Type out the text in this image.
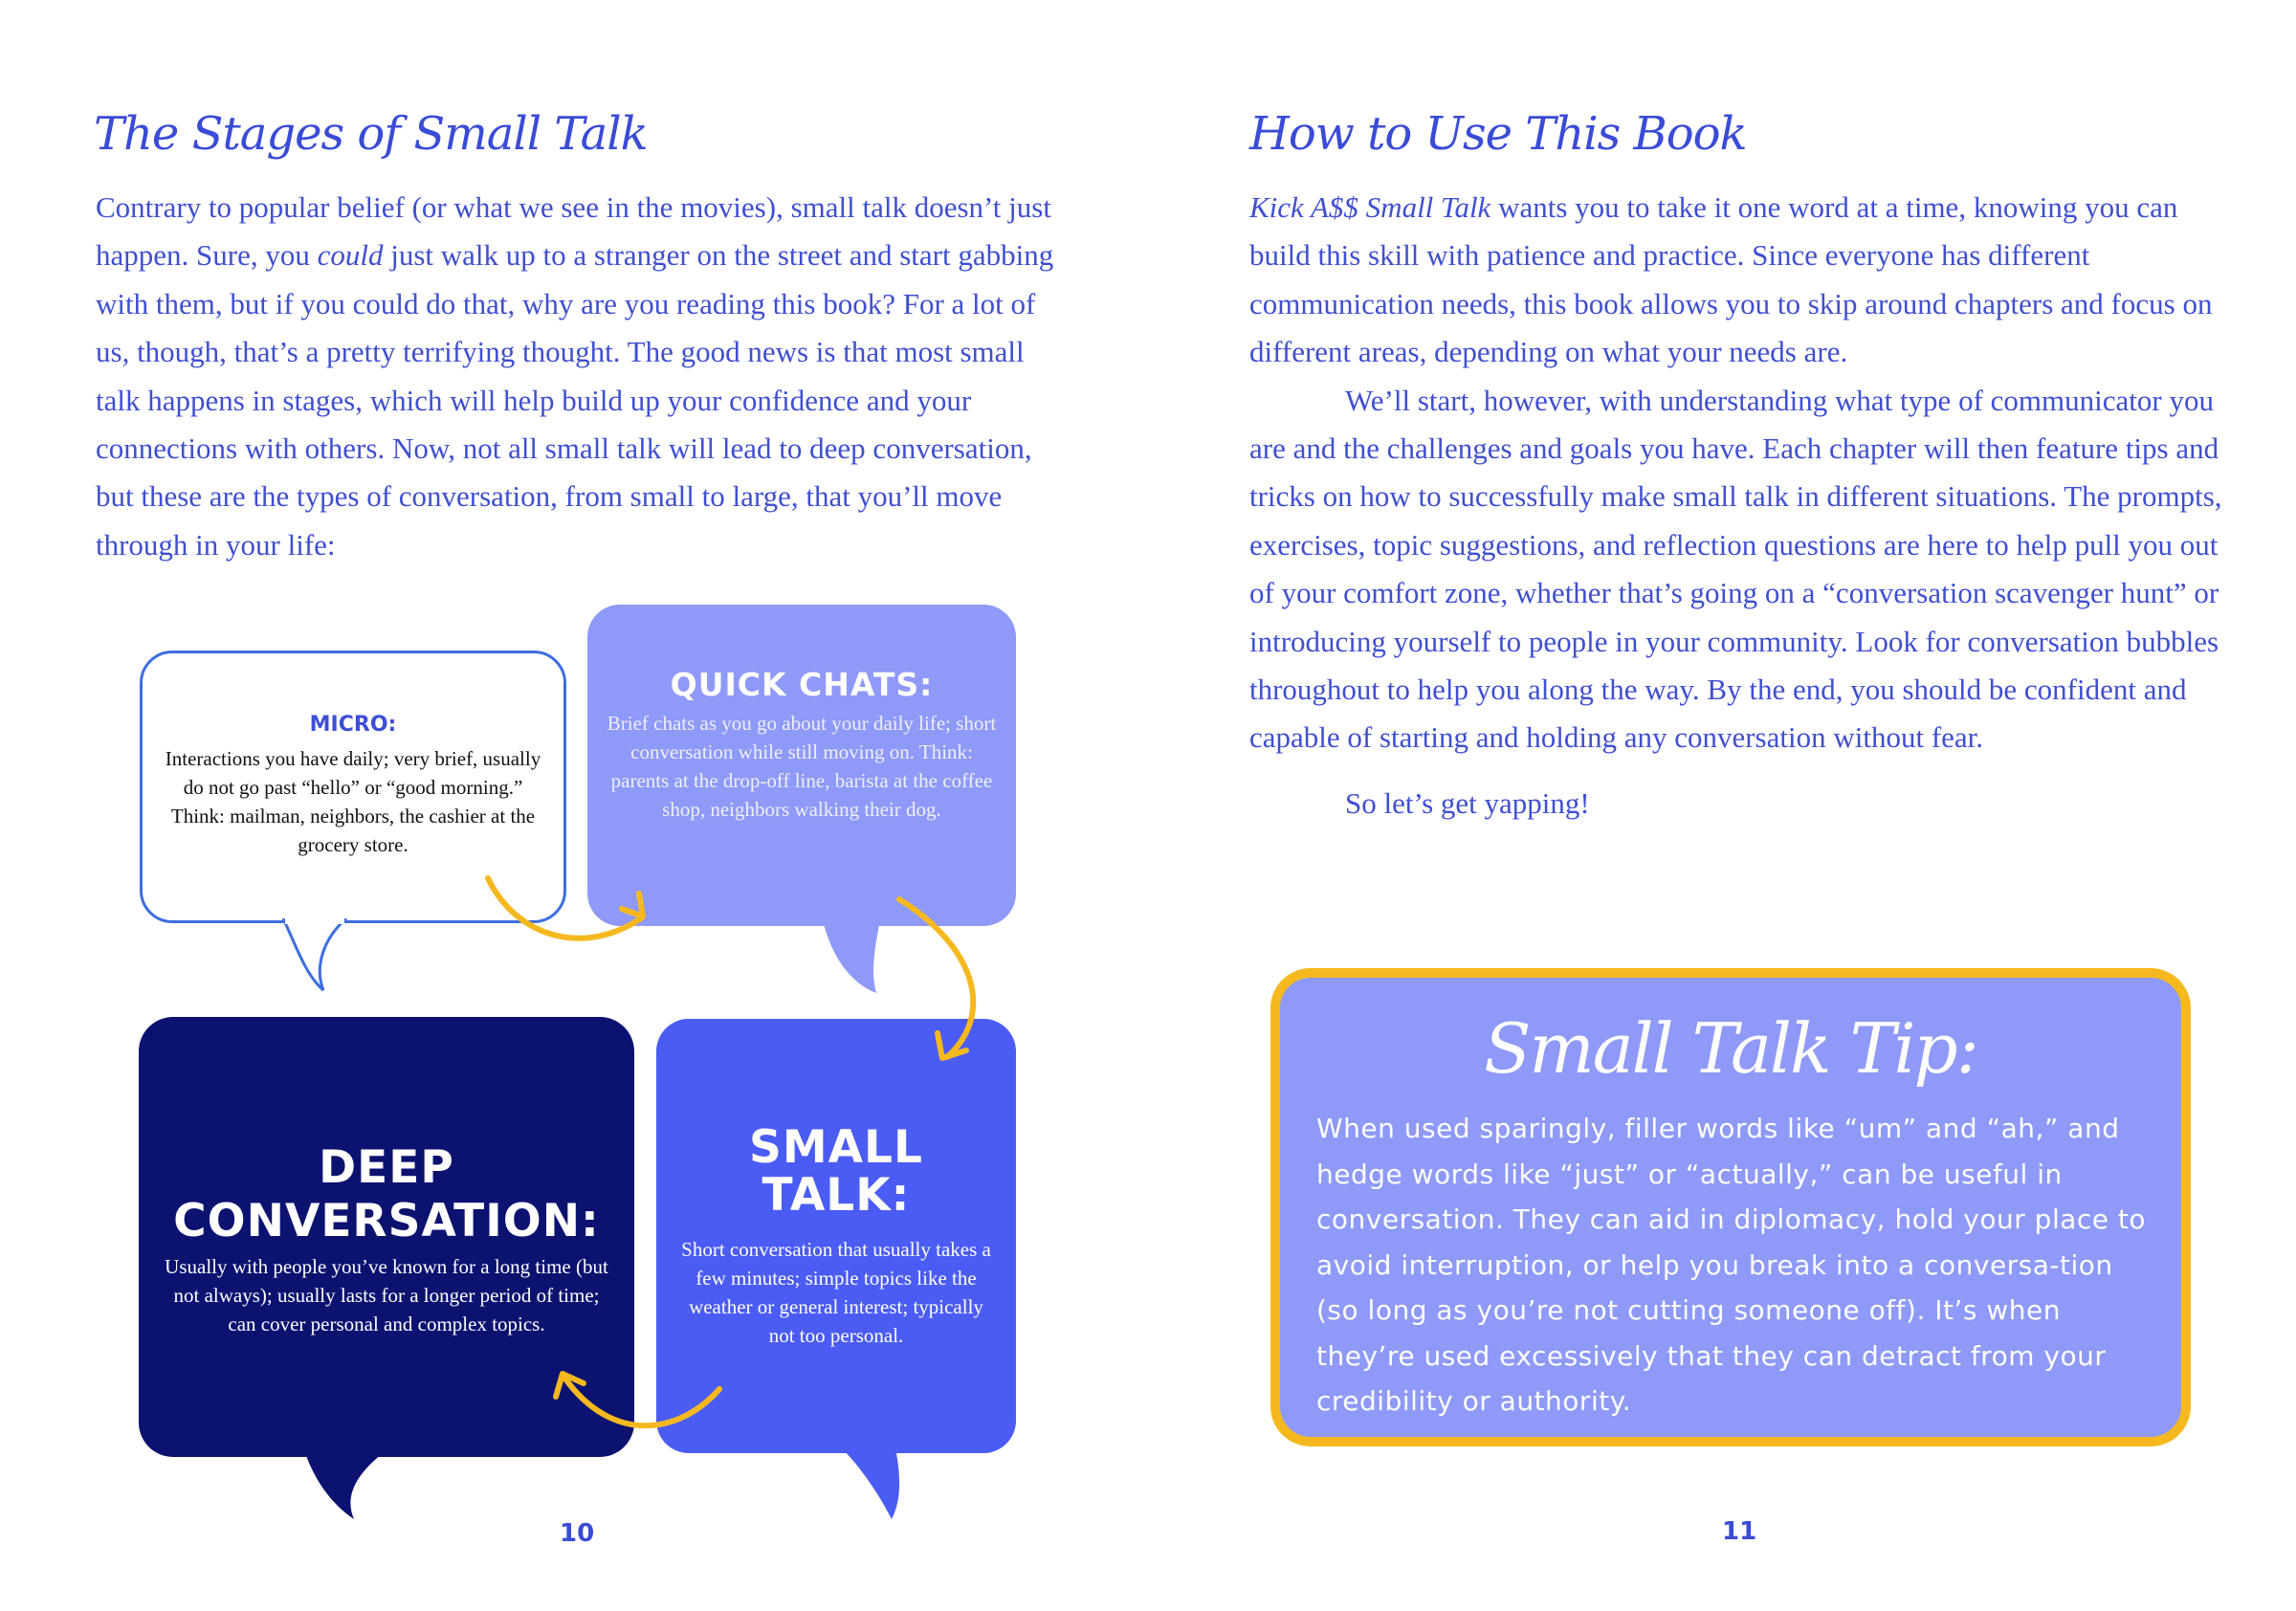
The Stages of Small Talk

Contrary to popular belief (or what we see in the movies), small talk doesn’t just happen. Sure, you could just walk up to a stranger on the street and start gabbing with them, but if you could do that, why are you reading this book? For a lot of us, though, that’s a pretty terrifying thought. The good news is that most small talk happens in stages, which will help build up your confidence and your connections with others. Now, not all small talk will lead to deep conversation, but these are the types of conversation, from small to large, that you’ll move through in your life:

MICRO:

Interactions you have daily; very brief, usually do not go past “hello” or “good morning.” Think: mailman, neighbors, the cashier at the grocery store.

QUICK CHATS:

Brief chats as you go about your daily life; short conversation while still moving on. Think: parents at the drop-off line, barista at the coffee shop, neighbors walking their dog.

DEEP

CONVERSATION:

Usually with people you’ve known for a long time (but not always); usually lasts for a longer period of time; can cover personal and complex topics.

SMALL

TALK:

Short conversation that usually takes a few minutes; simple topics like the weather or general interest; typically not too personal.

10

How to Use This Book

Kick A$$ Small Talk wants you to take it one word at a time, knowing you can build this skill with patience and practice. Since everyone has different communication needs, this book allows you to skip around chapters and focus on different areas, depending on what your needs are.

We’ll start, however, with understanding what type of communicator you are and the challenges and goals you have. Each chapter will then feature tips and tricks on how to successfully make small talk in different situations. The prompts, exercises, topic suggestions, and reflection questions are here to help pull you out of your comfort zone, whether that’s going on a “conversation scavenger hunt” or introducing yourself to people in your community. Look for conversation bubbles throughout to help you along the way. By the end, you should be confident and capable of starting and holding any conversation without fear.

So let’s get yapping!

Small Talk Tip:

When used sparingly, filler words like “um” and “ah,” and hedge words like “just” or “actually,” can be useful in conversation. They can aid in diplomacy, hold your place to avoid interruption, or help you break into a conversa-tion (so long as you’re not cutting someone off). It’s when they’re used excessively that they can detract from your credibility or authority.

11
